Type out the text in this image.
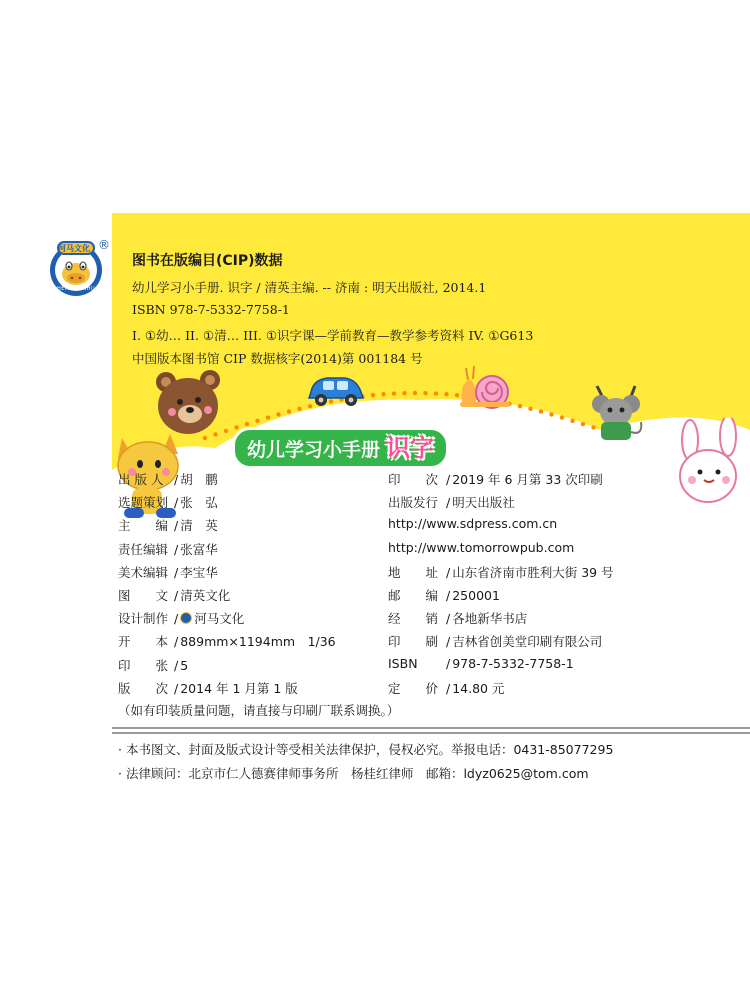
河马文化 ®
HEMAWENHUA
图书在版编目(CIP)数据
幼儿学习小手册. 识字 / 清英主编. -- 济南 : 明天出版社, 2014.1
ISBN 978-7-5332-7758-1
I. ①幼… II. ①清… III. ①识字课—学前教育—教学参考资料 IV. ①G613
中国版本图书馆 CIP 数据核字(2014)第 001184 号
幼儿学习小手册 识字
出 版 人 / 胡　鹏
选题策划 / 张　弘
主　　编 / 清　英
责任编辑 / 张富华
美术编辑 / 李宝华
图　　文 / 清英文化
设计制作 / 河马文化
开　　本 / 889mm×1194mm　1/36
印　　张 / 5
版　　次 / 2014 年 1 月第 1 版
印　　次 / 2019 年 6 月第 33 次印刷
出版发行 / 明天出版社
http://www.sdpress.com.cn
http://www.tomorrowpub.com
地　　址 / 山东省济南市胜利大街 39 号
邮　　编 / 250001
经　　销 / 各地新华书店
印　　刷 / 吉林省创美堂印刷有限公司
ISBN / 978-7-5332-7758-1
定　　价 / 14.80 元
（如有印装质量问题，请直接与印刷厂联系调换。）
· 本书图文、封面及版式设计等受相关法律保护，侵权必究。举报电话：0431-85077295
· 法律顾问：北京市仁人德赛律师事务所　杨桂红律师　邮箱：ldyz0625@tom.com
